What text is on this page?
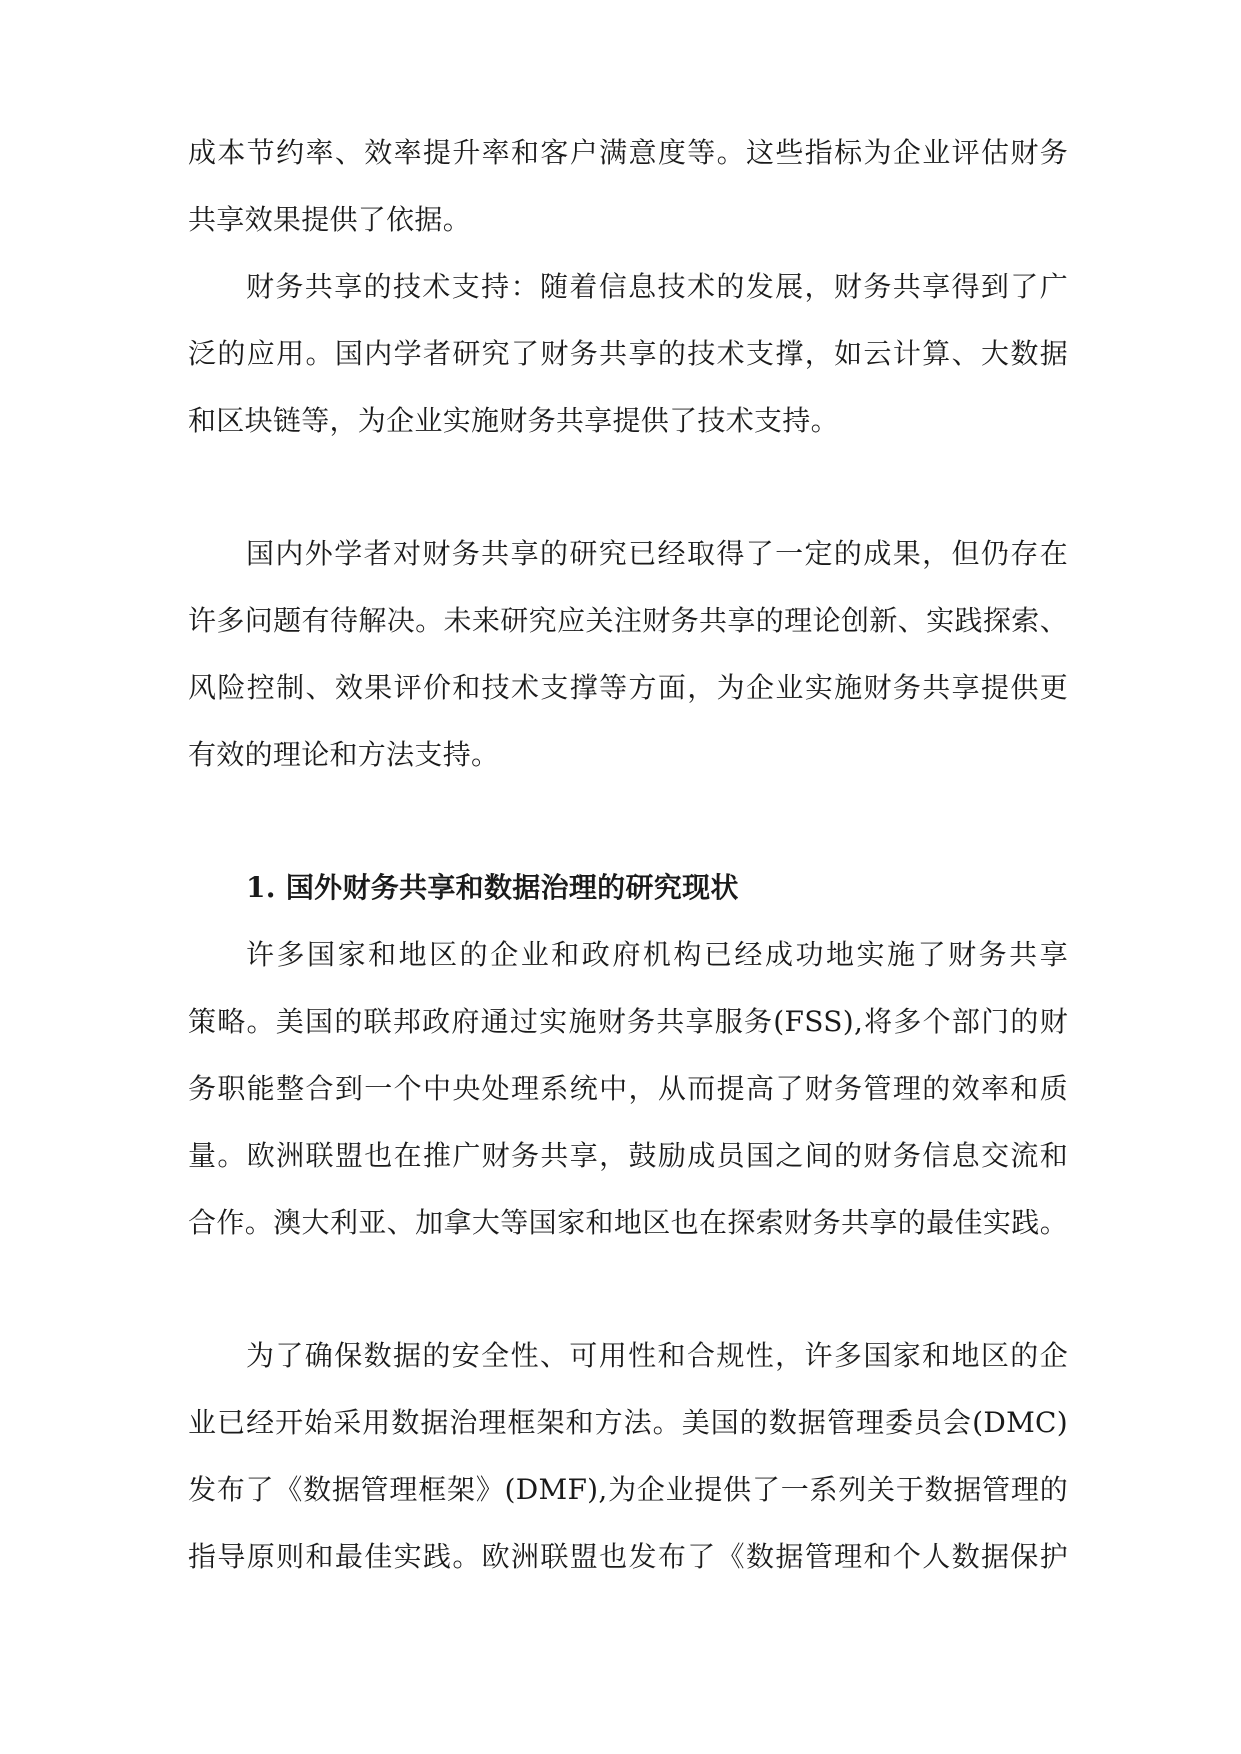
成本节约率、效率提升率和客户满意度等。这些指标为企业评估财务
共享效果提供了依据。
财务共享的技术支持：随着信息技术的发展，财务共享得到了广
泛的应用。国内学者研究了财务共享的技术支撑，如云计算、大数据
和区块链等，为企业实施财务共享提供了技术支持。
国内外学者对财务共享的研究已经取得了一定的成果，但仍存在
许多问题有待解决。未来研究应关注财务共享的理论创新、实践探索、
风险控制、效果评价和技术支撑等方面，为企业实施财务共享提供更
有效的理论和方法支持。
1. 国外财务共享和数据治理的研究现状
许多国家和地区的企业和政府机构已经成功地实施了财务共享
策略。美国的联邦政府通过实施财务共享服务(FSS),将多个部门的财
务职能整合到一个中央处理系统中，从而提高了财务管理的效率和质
量。欧洲联盟也在推广财务共享，鼓励成员国之间的财务信息交流和
合作。澳大利亚、加拿大等国家和地区也在探索财务共享的最佳实践。
为了确保数据的安全性、可用性和合规性，许多国家和地区的企
业已经开始采用数据治理框架和方法。美国的数据管理委员会(DMC)
发布了《数据管理框架》(DMF),为企业提供了一系列关于数据管理的
指导原则和最佳实践。欧洲联盟也发布了《数据管理和个人数据保护
